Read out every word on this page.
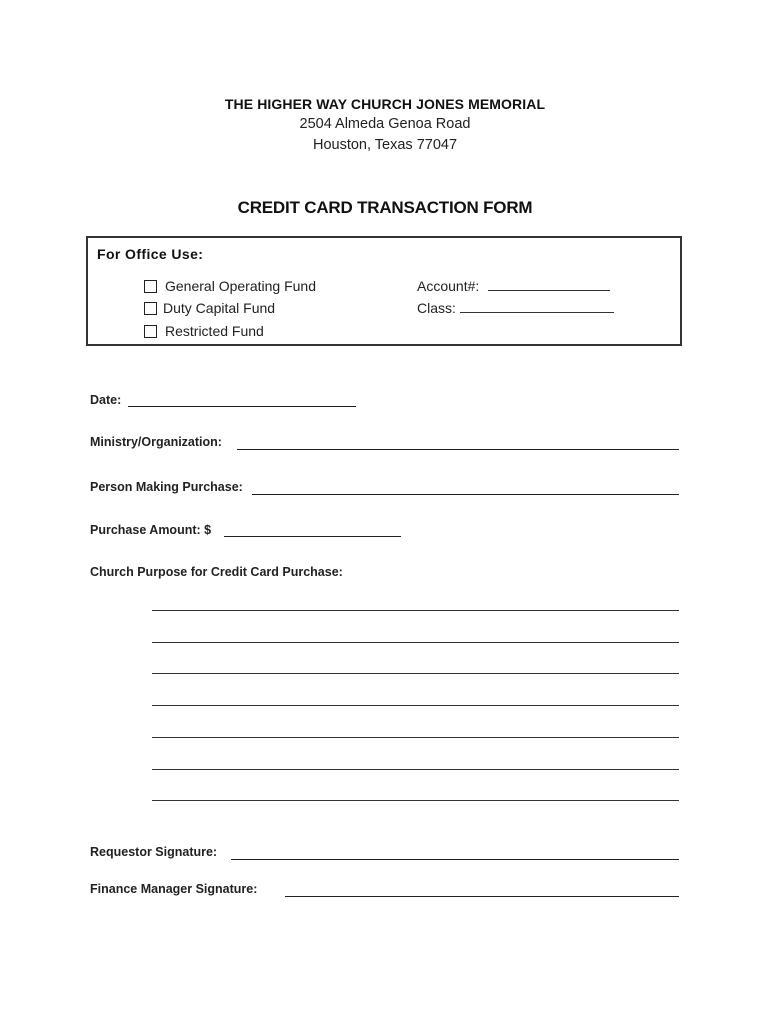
THE HIGHER WAY CHURCH JONES MEMORIAL
2504 Almeda Genoa Road
Houston, Texas 77047
CREDIT CARD TRANSACTION FORM
For Office Use:
General Operating Fund
Duty Capital Fund
Restricted Fund
Account#:
Class:
Date:
Ministry/Organization:
Person Making Purchase:
Purchase Amount: $
Church Purpose for Credit Card Purchase:
Requestor Signature:
Finance Manager Signature:
